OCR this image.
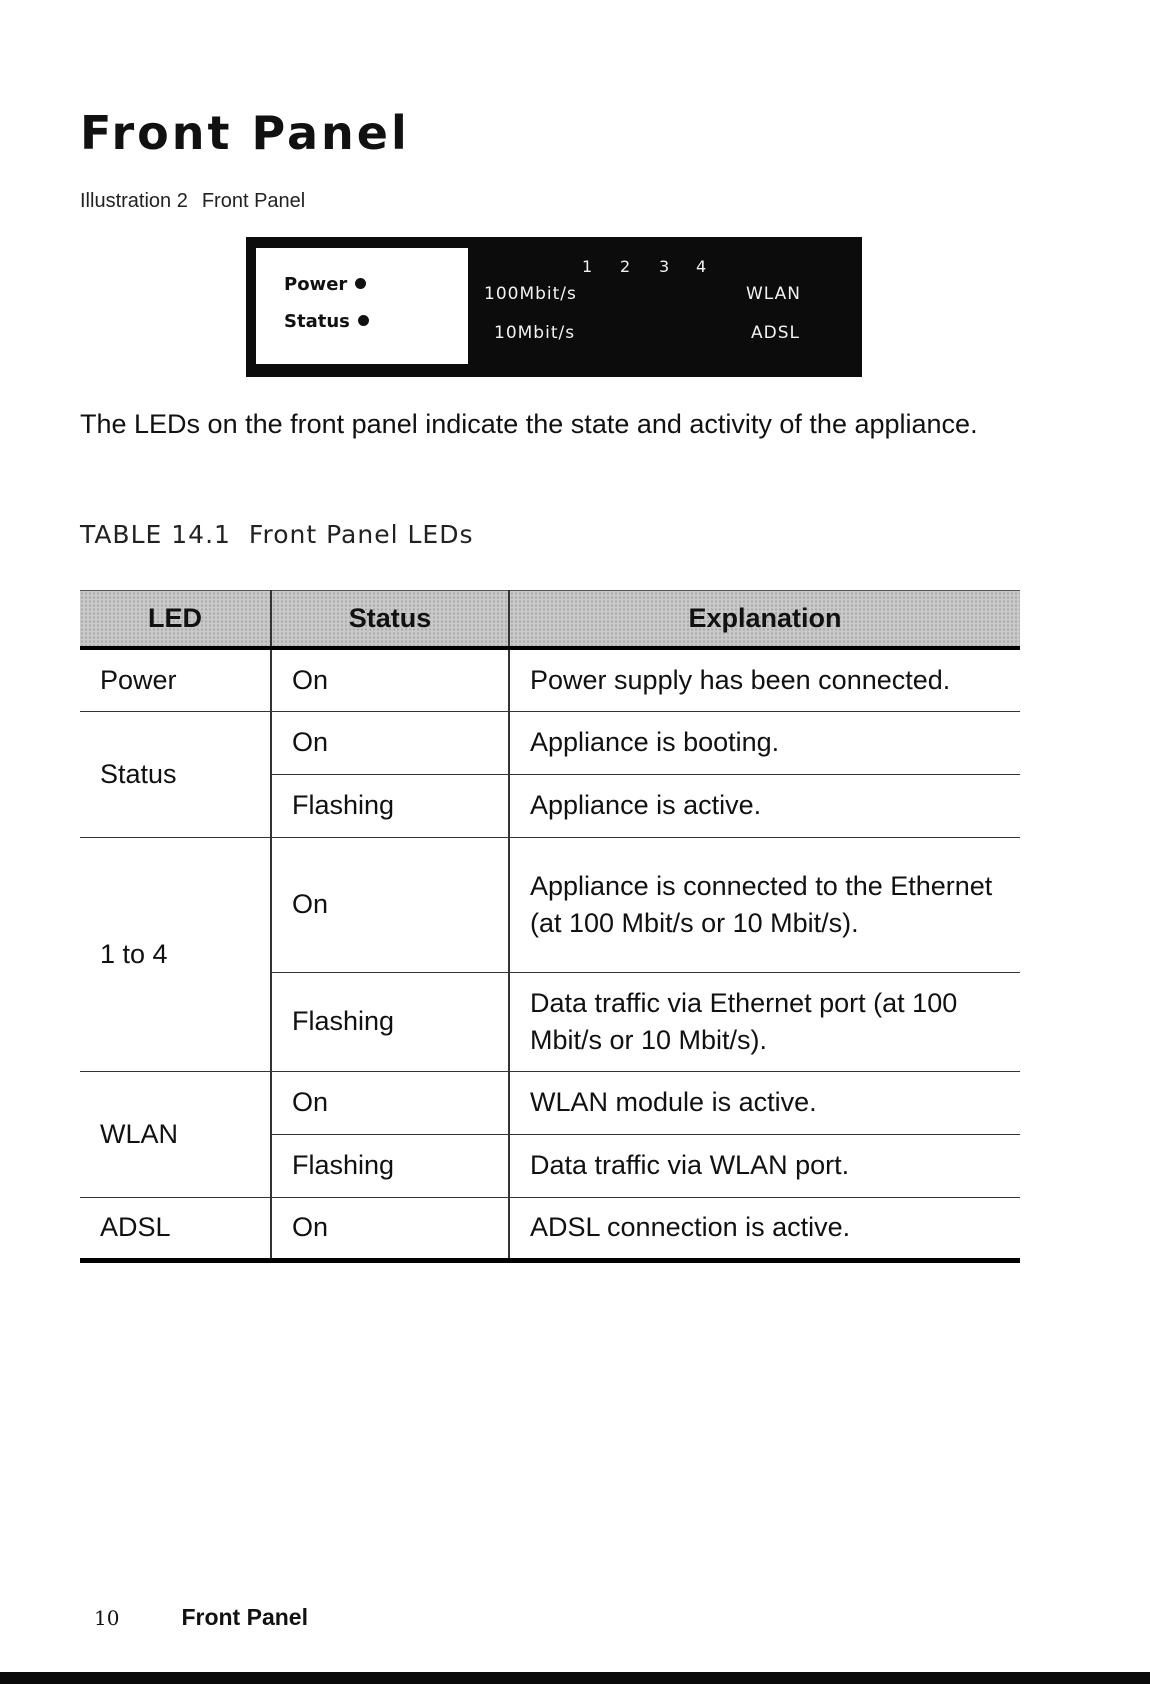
Front Panel
Illustration 2 Front Panel
Power
Status
1 2 3 4
100Mbit/s
10Mbit/s
WLAN
ADSL

The LEDs on the front panel indicate the state and activity of the appliance.

TABLE 14.1 Front Panel LEDs
LED	Status	Explanation
Power	On	Power supply has been connected.
Status	On	Appliance is booting.
	Flashing	Appliance is active.
1 to 4	On	Appliance is connected to the Ethernet (at 100 Mbit/s or 10 Mbit/s).
	Flashing	Data traffic via Ethernet port (at 100 Mbit/s or 10 Mbit/s).
WLAN	On	WLAN module is active.
	Flashing	Data traffic via WLAN port.
ADSL	On	ADSL connection is active.
10	Front Panel
